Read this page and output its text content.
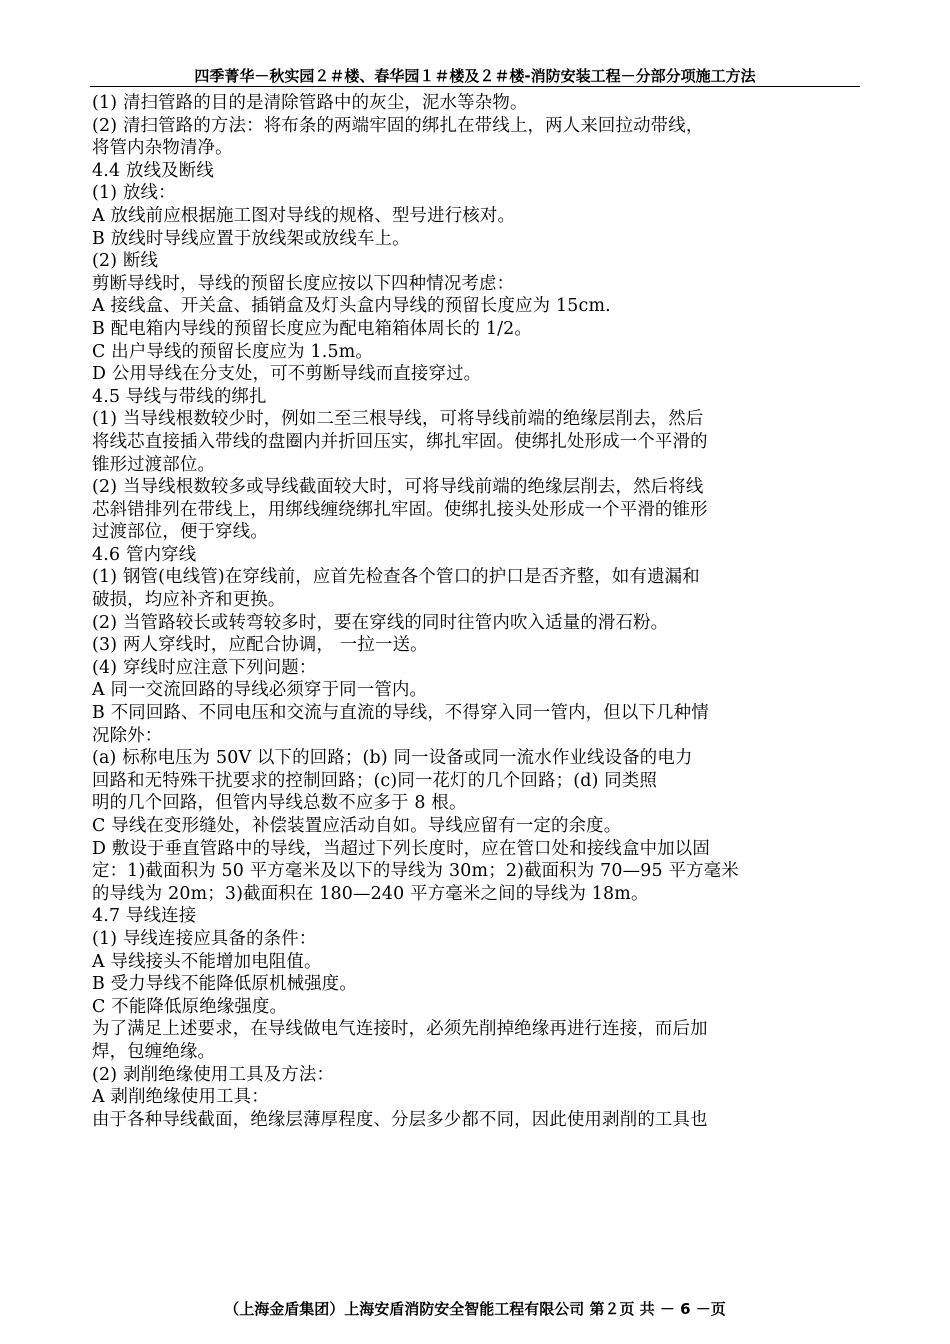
四季菁华－秋实园２＃楼、春华园１＃楼及２＃楼-消防安装工程－分部分项施工方法
(1) 清扫管路的目的是清除管路中的灰尘，泥水等杂物。
(2) 清扫管路的方法：将布条的两端牢固的绑扎在带线上，两人来回拉动带线，
将管内杂物清净。
4.4 放线及断线
(1) 放线：
A 放线前应根据施工图对导线的规格、型号进行核对。
B 放线时导线应置于放线架或放线车上。
(2) 断线
剪断导线时，导线的预留长度应按以下四种情况考虑：
A 接线盒、开关盒、插销盒及灯头盒内导线的预留长度应为 15cm.
B 配电箱内导线的预留长度应为配电箱箱体周长的 1/2。
C 出户导线的预留长度应为 1.5m。
D 公用导线在分支处，可不剪断导线而直接穿过。
4.5 导线与带线的绑扎
(1) 当导线根数较少时，例如二至三根导线，可将导线前端的绝缘层削去，然后
将线芯直接插入带线的盘圈内并折回压实，绑扎牢固。使绑扎处形成一个平滑的
锥形过渡部位。
(2) 当导线根数较多或导线截面较大时，可将导线前端的绝缘层削去，然后将线
芯斜错排列在带线上，用绑线缠绕绑扎牢固。使绑扎接头处形成一个平滑的锥形
过渡部位，便于穿线。
4.6 管内穿线
(1) 钢管(电线管)在穿线前，应首先检查各个管口的护口是否齐整，如有遗漏和
破损，均应补齐和更换。
(2) 当管路较长或转弯较多时，要在穿线的同时往管内吹入适量的滑石粉。
(3) 两人穿线时，应配合协调， 一拉一送。
(4) 穿线时应注意下列问题：
A 同一交流回路的导线必须穿于同一管内。
B 不同回路、不同电压和交流与直流的导线，不得穿入同一管内，但以下几种情
况除外：
(a) 标称电压为 50V 以下的回路；(b) 同一设备或同一流水作业线设备的电力
回路和无特殊干扰要求的控制回路；(c)同一花灯的几个回路；(d) 同类照
明的几个回路，但管内导线总数不应多于 8 根。
C 导线在变形缝处，补偿装置应活动自如。导线应留有一定的余度。
D 敷设于垂直管路中的导线，当超过下列长度时，应在管口处和接线盒中加以固
定：1)截面积为 50 平方毫米及以下的导线为 30m；2)截面积为 70—95 平方毫米
的导线为 20m；3)截面积在 180—240 平方毫米之间的导线为 18m。
4.7 导线连接
(1) 导线连接应具备的条件：
A 导线接头不能增加电阻值。
B 受力导线不能降低原机械强度。
C 不能降低原绝缘强度。
为了满足上述要求，在导线做电气连接时，必须先削掉绝缘再进行连接，而后加
焊，包缠绝缘。
(2) 剥削绝缘使用工具及方法：
A 剥削绝缘使用工具：
由于各种导线截面，绝缘层薄厚程度、分层多少都不同，因此使用剥削的工具也
（上海金盾集团）上海安盾消防安全智能工程有限公司 第２页 共 － 6 －页
